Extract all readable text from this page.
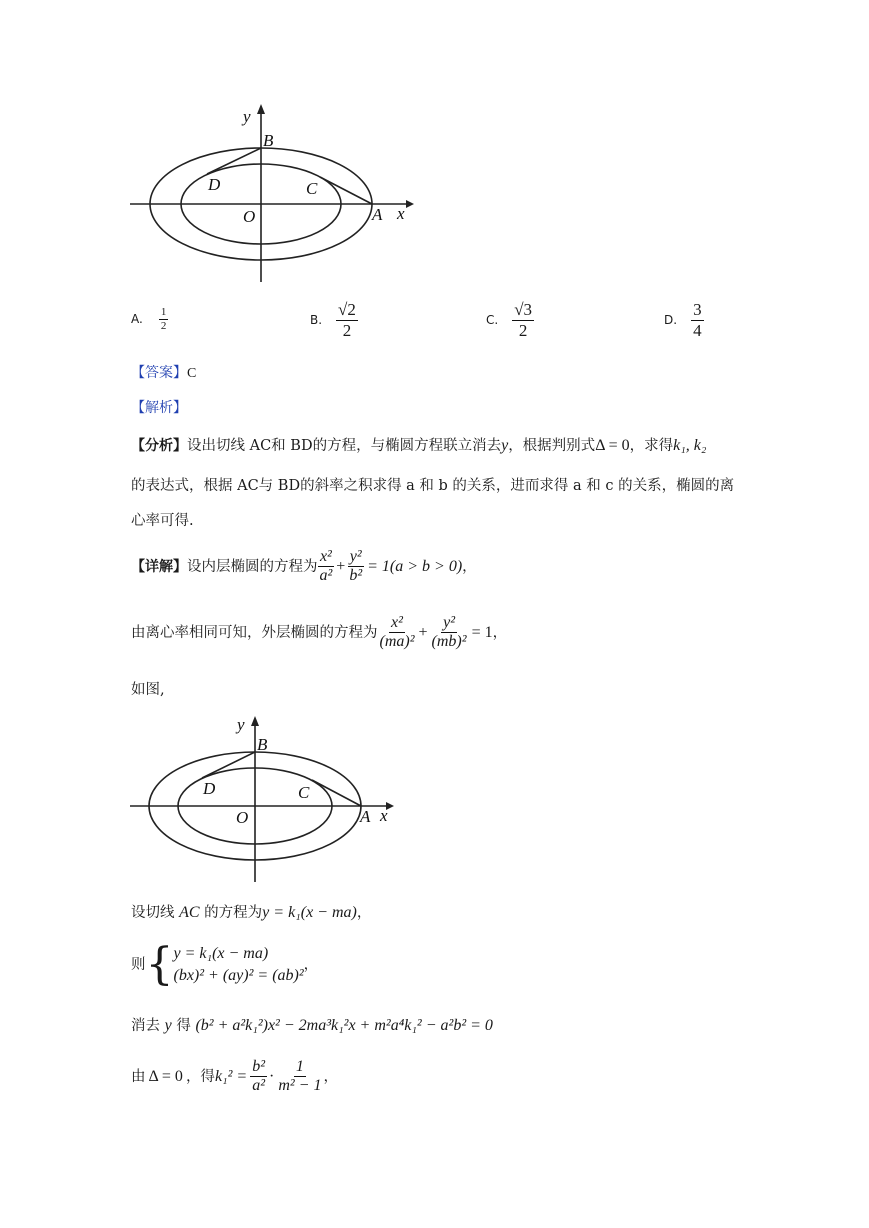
y
x
B
D	C
O	A
A. $\frac{1}{2}$	B. $\frac{√2}{2}$	C. $\frac{√3}{2}$	D. $\frac{3}{4}$
【答案】C
【解析】
【分析】设出切线 AC和 BD的方程，与椭圆方程联立消去y，根据判别式Δ = 0，求得k₁, k₂
的表达式，根据 AC与 BD的斜率之积求得 a 和 b 的关系，进而求得 a 和 c 的关系，椭圆的离
心率可得.
【详解】 设内层椭圆的方程为 $\frac{\text{x²}}{\text{a²}} + \frac{\text{y²}}{\text{b²}} = 1(a > b > 0)$ ，
由离心率相同可知，外层椭圆的方程为 $\frac{\text{x²}}{\text{(ma)²}} + \frac{\text{y²}}{\text{(mb)²}} = 1$ ，
如图,
y
x
B
D	C
O	A
设切线 AC 的方程为y = k₁(x − ma)，
则 { y = k₁(x − ma)
(bx)² + (ay)² = (ab)²
，
消去 y 得 (b² + a²k₁²)x² − 2ma³k₁²x + m²a⁴k₁² − a²b² = 0
由 Δ = 0 ，得 $k_1^2 = \frac{\text{b²}}{\text{a²}} \cdot \frac{1}{\text{m² − 1}}$ ，
